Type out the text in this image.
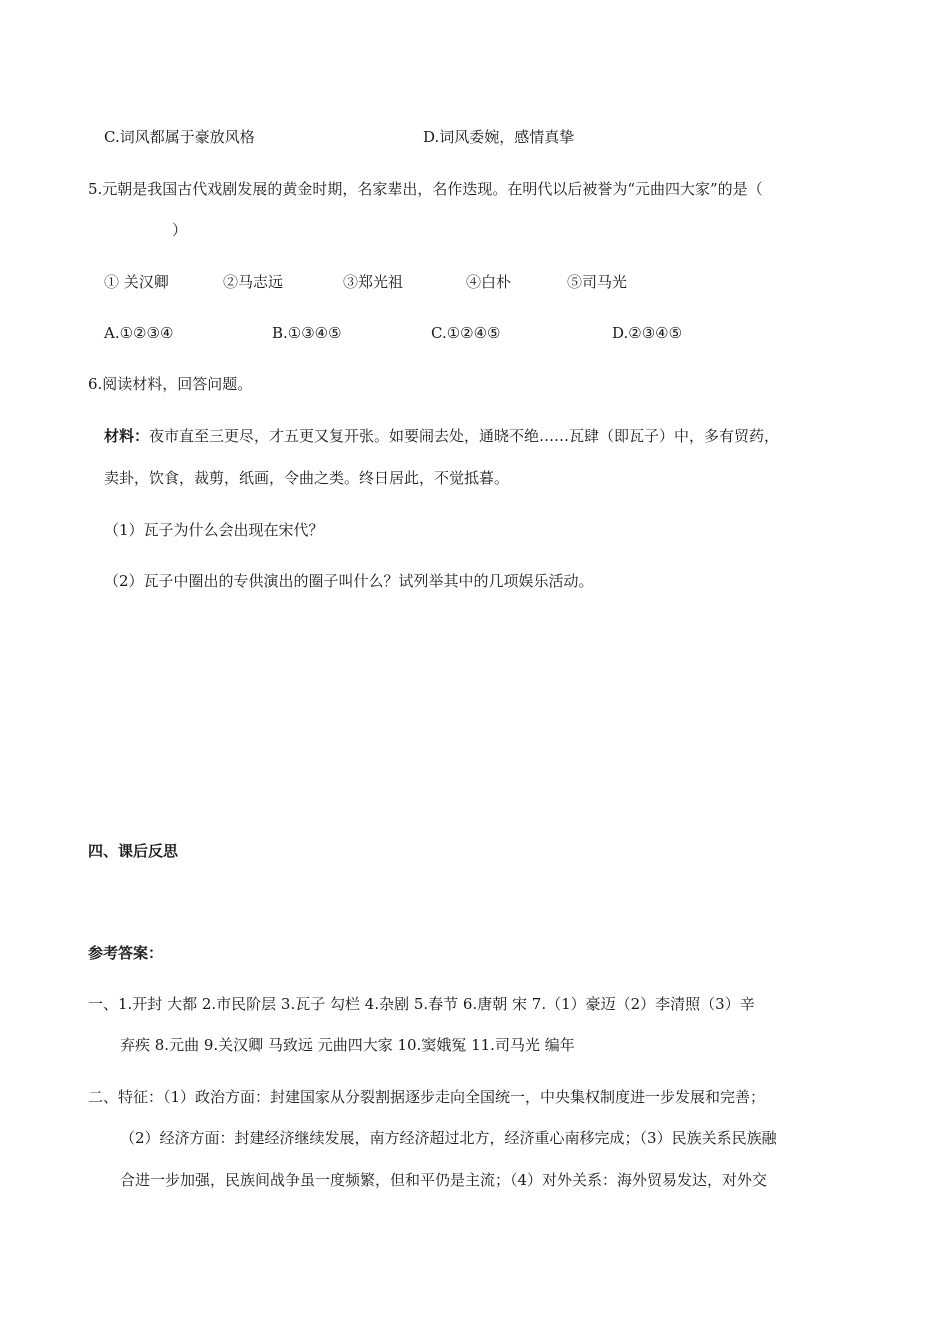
C.词风都属于豪放风格	D.词风委婉，感情真挚
5.元朝是我国古代戏剧发展的黄金时期，名家辈出，名作迭现。在明代以后被誉为“元曲四大家”的是（
）
① 关汉卿	②马志远	③郑光祖	④白朴	⑤司马光
A.①②③④	B.①③④⑤	C.①②④⑤	D.②③④⑤
6.阅读材料，回答问题。
材料：夜市直至三更尽，才五更又复开张。如要闹去处，通晓不绝……瓦肆（即瓦子）中，多有贸药，
卖卦，饮食，裁剪，纸画，令曲之类。终日居此，不觉抵暮。
（1）瓦子为什么会出现在宋代？
（2）瓦子中圈出的专供演出的圈子叫什么？试列举其中的几项娱乐活动。
四、课后反思
参考答案：
一、1.开封 大都 2.市民阶层 3.瓦子 勾栏 4.杂剧 5.春节 6.唐朝 宋 7.（1）豪迈（2）李清照（3）辛
弃疾 8.元曲 9.关汉卿 马致远 元曲四大家 10.窦娥冤 11.司马光 编年
二、特征：（1）政治方面：封建国家从分裂割据逐步走向全国统一，中央集权制度进一步发展和完善；
（2）经济方面：封建经济继续发展，南方经济超过北方，经济重心南移完成；（3）民族关系民族融
合进一步加强，民族间战争虽一度频繁，但和平仍是主流；（4）对外关系：海外贸易发达，对外交
